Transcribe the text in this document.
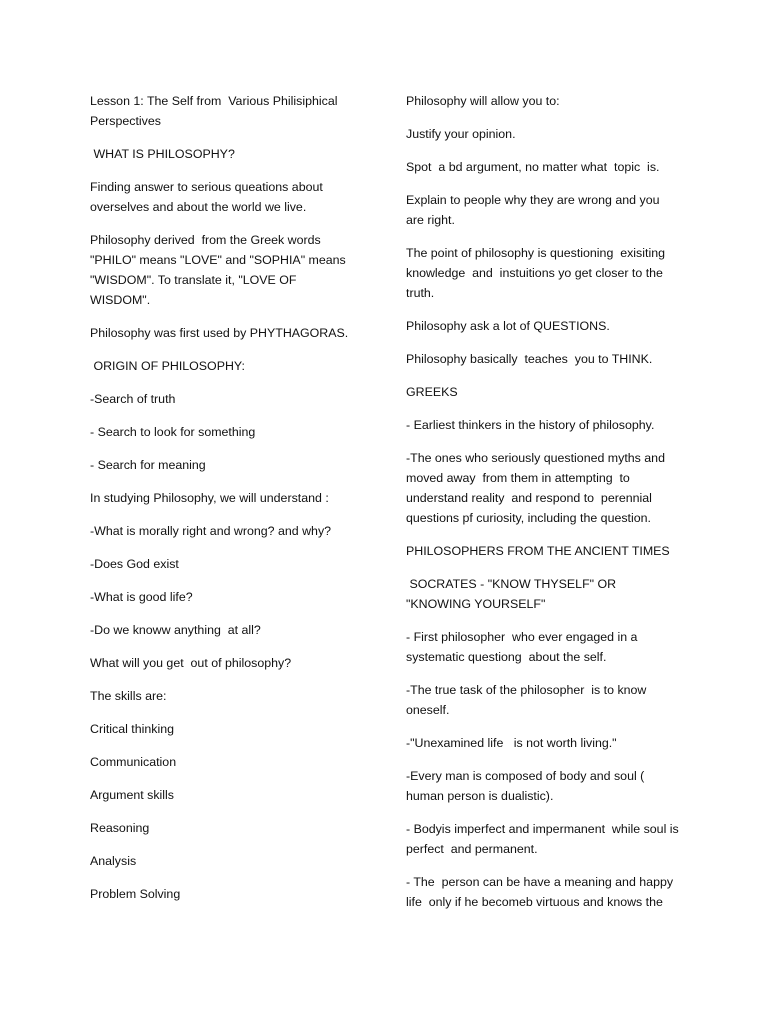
Lesson 1: The Self from  Various Philisiphical Perspectives

WHAT IS PHILOSOPHY?

Finding answer to serious queations about overselves and about the world we live.

Philosophy derived  from the Greek words "PHILO" means "LOVE" and "SOPHIA" means "WISDOM". To translate it, "LOVE OF WISDOM".

Philosophy was first used by PHYTHAGORAS.

ORIGIN OF PHILOSOPHY:

-Search of truth

- Search to look for something

- Search for meaning

In studying Philosophy, we will understand :

-What is morally right and wrong? and why?

-Does God exist

-What is good life?

-Do we knoww anything  at all?

What will you get  out of philosophy?

The skills are:

Critical thinking

Communication

Argument skills

Reasoning

Analysis

Problem Solving

Philosophy will allow you to:

Justify your opinion.

Spot  a bd argument, no matter what  topic  is.

Explain to people why they are wrong and you are right.

The point of philosophy is questioning  exisiting knowledge  and  instuitions yo get closer to the truth.

Philosophy ask a lot of QUESTIONS.

Philosophy basically  teaches  you to THINK.

GREEKS

- Earliest thinkers in the history of philosophy.

-The ones who seriously questioned myths and moved away  from them in attempting  to understand reality  and respond to  perennial questions pf curiosity, including the question.

PHILOSOPHERS FROM THE ANCIENT TIMES

SOCRATES - "KNOW THYSELF" OR "KNOWING YOURSELF"

- First philosopher  who ever engaged in a systematic questiong  about the self.

-The true task of the philosopher  is to know oneself.

-"Unexamined life   is not worth living."

-Every man is composed of body and soul ( human person is dualistic).

- Bodyis imperfect and impermanent  while soul is perfect  and permanent.

- The  person can be have a meaning and happy life  only if he becomeb virtuous and knows the
